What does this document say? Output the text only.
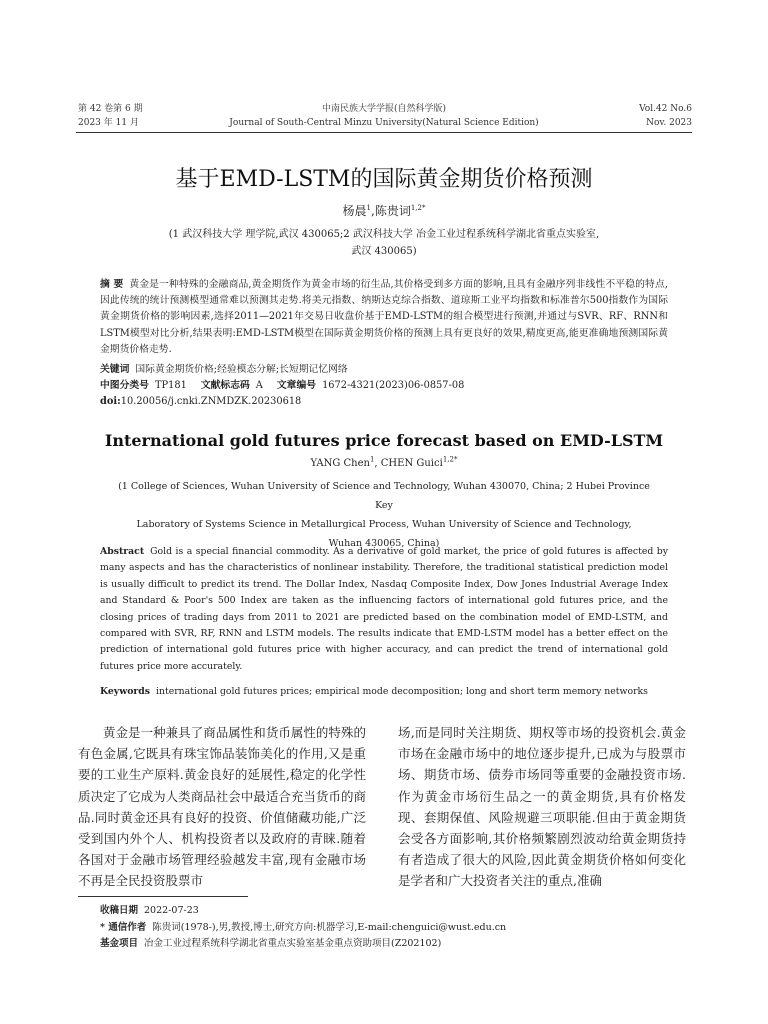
第 42 卷第 6 期
2023 年 11 月
中南民族大学学报(自然科学版)
Journal of South-Central Minzu University(Natural Science Edition)
Vol.42 No.6
Nov. 2023
基于EMD-LSTM的国际黄金期货价格预测
杨晨$^1$,陈贵词$^{1,2*}$
(1 武汉科技大学 理学院,武汉 430065;2 武汉科技大学 冶金工业过程系统科学湖北省重点实验室,
武汉 430065)
摘 要 黄金是一种特殊的金融商品,黄金期货作为黄金市场的衍生品,其价格受到多方面的影响,且具有金融序列非线性不平稳的特点,因此传统的统计预测模型通常难以预测其走势.将美元指数、纳斯达克综合指数、道琼斯工业平均指数和标准普尔500指数作为国际黄金期货价格的影响因素,选择2011—2021年交易日收盘价基于EMD-LSTM的组合模型进行预测,并通过与SVR、RF、RNN和LSTM模型对比分析,结果表明:EMD-LSTM模型在国际黄金期货价格的预测上具有更良好的效果,精度更高,能更准确地预测国际黄金期货价格走势.
关键词 国际黄金期货价格;经验模态分解;长短期记忆网络
中图分类号 TP181 文献标志码 A 文章编号 1672-4321(2023)06-0857-08
doi:10.20056/j.cnki.ZNMDZK.20230618
International gold futures price forecast based on EMD-LSTM
YANG Chen$^1$, CHEN Guici$^{1,2*}$
(1 College of Sciences, Wuhan University of Science and Technology, Wuhan 430070, China; 2 Hubei Province Key
Laboratory of Systems Science in Metallurgical Process, Wuhan University of Science and Technology,
Wuhan 430065, China)
Abstract Gold is a special financial commodity. As a derivative of gold market, the price of gold futures is affected by many aspects and has the characteristics of nonlinear instability. Therefore, the traditional statistical prediction model is usually difficult to predict its trend. The Dollar Index, Nasdaq Composite Index, Dow Jones Industrial Average Index and Standard & Poor's 500 Index are taken as the influencing factors of international gold futures price, and the closing prices of trading days from 2011 to 2021 are predicted based on the combination model of EMD-LSTM, and compared with SVR, RF, RNN and LSTM models. The results indicate that EMD-LSTM model has a better effect on the prediction of international gold futures price with higher accuracy, and can predict the trend of international gold futures price more accurately.
Keywords international gold futures prices; empirical mode decomposition; long and short term memory networks
黄金是一种兼具了商品属性和货币属性的特殊的有色金属,它既具有珠宝饰品装饰美化的作用,又是重要的工业生产原料.黄金良好的延展性,稳定的化学性质决定了它成为人类商品社会中最适合充当货币的商品.同时黄金还具有良好的投资、价值储藏功能,广泛受到国内外个人、机构投资者以及政府的青睐.随着各国对于金融市场管理经验越发丰富,现有金融市场不再是全民投资股票市
场,而是同时关注期货、期权等市场的投资机会.黄金市场在金融市场中的地位逐步提升,已成为与股票市场、期货市场、债券市场同等重要的金融投资市场.作为黄金市场衍生品之一的黄金期货,具有价格发现、套期保值、风险规避三项职能.但由于黄金期货会受各方面影响,其价格频繁剧烈波动给黄金期货持有者造成了很大的风险,因此黄金期货价格如何变化是学者和广大投资者关注的重点,准确
收稿日期 2022-07-23
* 通信作者 陈贵词(1978-),男,教授,博士,研究方向:机器学习,E-mail:chenguici@wust.edu.cn
基金项目 冶金工业过程系统科学湖北省重点实验室基金重点资助项目(Z202102)
